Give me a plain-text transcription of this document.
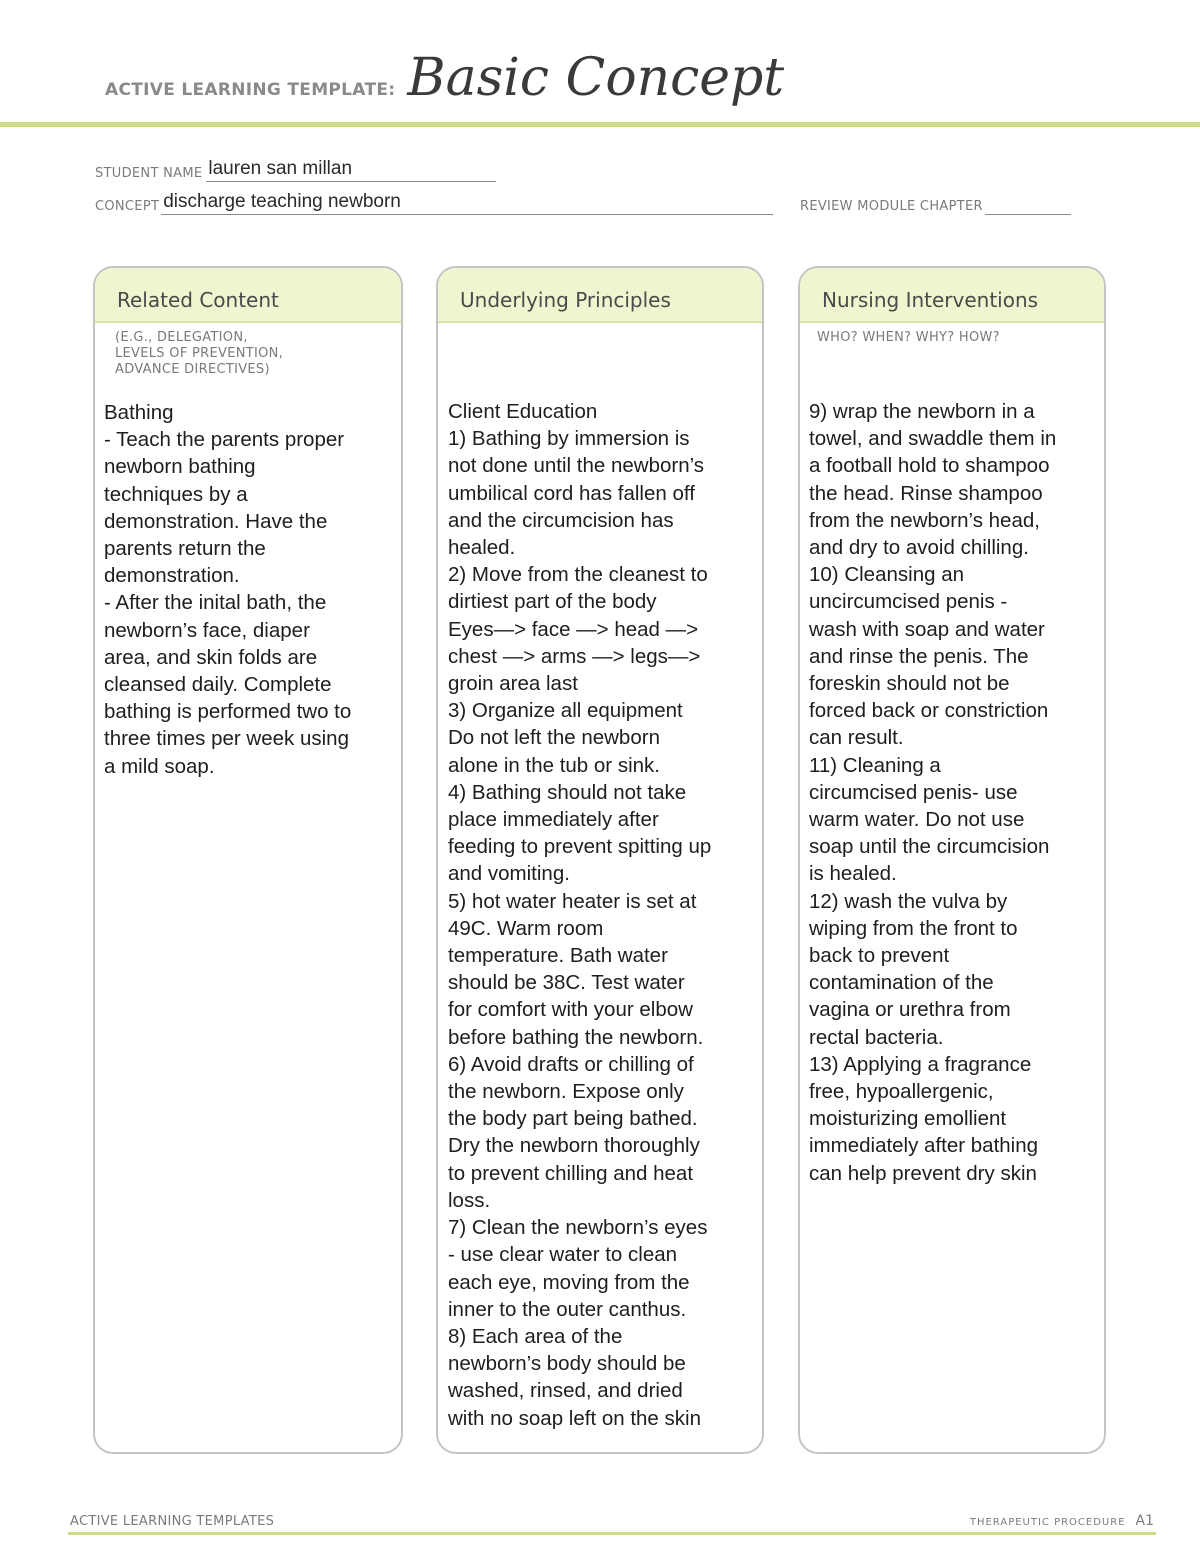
ACTIVE LEARNING TEMPLATE: Basic Concept
STUDENT NAME lauren san millan
CONCEPT discharge teaching newborn	REVIEW MODULE CHAPTER
Related Content
(E.G., DELEGATION,
LEVELS OF PREVENTION,
ADVANCE DIRECTIVES)
Bathing
- Teach the parents proper
newborn bathing
techniques by a
demonstration. Have the
parents return the
demonstration.
- After the inital bath, the
newborn’s face, diaper
area, and skin folds are
cleansed daily. Complete
bathing is performed two to
three times per week using
a mild soap.
Underlying Principles
Client Education
1) Bathing by immersion is
not done until the newborn’s
umbilical cord has fallen off
and the circumcision has
healed.
2) Move from the cleanest to
dirtiest part of the body
Eyes—> face —> head —>
chest —> arms —> legs—>
groin area last
3) Organize all equipment
Do not left the newborn
alone in the tub or sink.
4) Bathing should not take
place immediately after
feeding to prevent spitting up
and vomiting.
5) hot water heater is set at
49C. Warm room
temperature. Bath water
should be 38C. Test water
for comfort with your elbow
before bathing the newborn.
6) Avoid drafts or chilling of
the newborn. Expose only
the body part being bathed.
Dry the newborn thoroughly
to prevent chilling and heat
loss.
7) Clean the newborn’s eyes
- use clear water to clean
each eye, moving from the
inner to the outer canthus.
8) Each area of the
newborn’s body should be
washed, rinsed, and dried
with no soap left on the skin
Nursing Interventions
WHO? WHEN? WHY? HOW?
9) wrap the newborn in a
towel, and swaddle them in
a football hold to shampoo
the head. Rinse shampoo
from the newborn’s head,
and dry to avoid chilling.
10) Cleansing an
uncircumcised penis -
wash with soap and water
and rinse the penis. The
foreskin should not be
forced back or constriction
can result.
11) Cleaning a
circumcised penis- use
warm water. Do not use
soap until the circumcision
is healed.
12) wash the vulva by
wiping from the front to
back to prevent
contamination of the
vagina or urethra from
rectal bacteria.
13) Applying a fragrance
free, hypoallergenic,
moisturizing emollient
immediately after bathing
can help prevent dry skin
ACTIVE LEARNING TEMPLATES	THERAPEUTIC PROCEDURE A1
